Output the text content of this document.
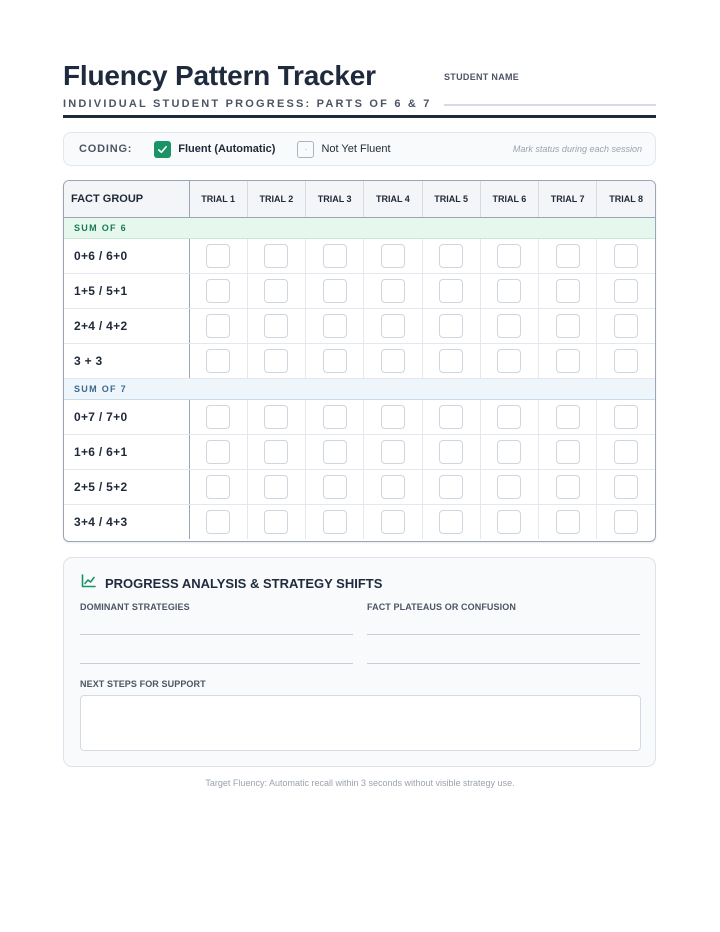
Fluency Pattern Tracker
INDIVIDUAL STUDENT PROGRESS: PARTS OF 6 & 7
STUDENT NAME
CODING:	Fluent (Automatic)	·	Not Yet Fluent	Mark status during each session
FACT GROUP	TRIAL 1	TRIAL 2	TRIAL 3	TRIAL 4	TRIAL 5	TRIAL 6	TRIAL 7	TRIAL 8
SUM OF 6								
0+6 / 6+0								
1+5 / 5+1								
2+4 / 4+2								
3 + 3								
SUM OF 7								
0+7 / 7+0								
1+6 / 6+1								
2+5 / 5+2								
3+4 / 4+3								
PROGRESS ANALYSIS & STRATEGY SHIFTS
DOMINANT STRATEGIES	FACT PLATEAUS OR CONFUSION
NEXT STEPS FOR SUPPORT
Target Fluency: Automatic recall within 3 seconds without visible strategy use.
